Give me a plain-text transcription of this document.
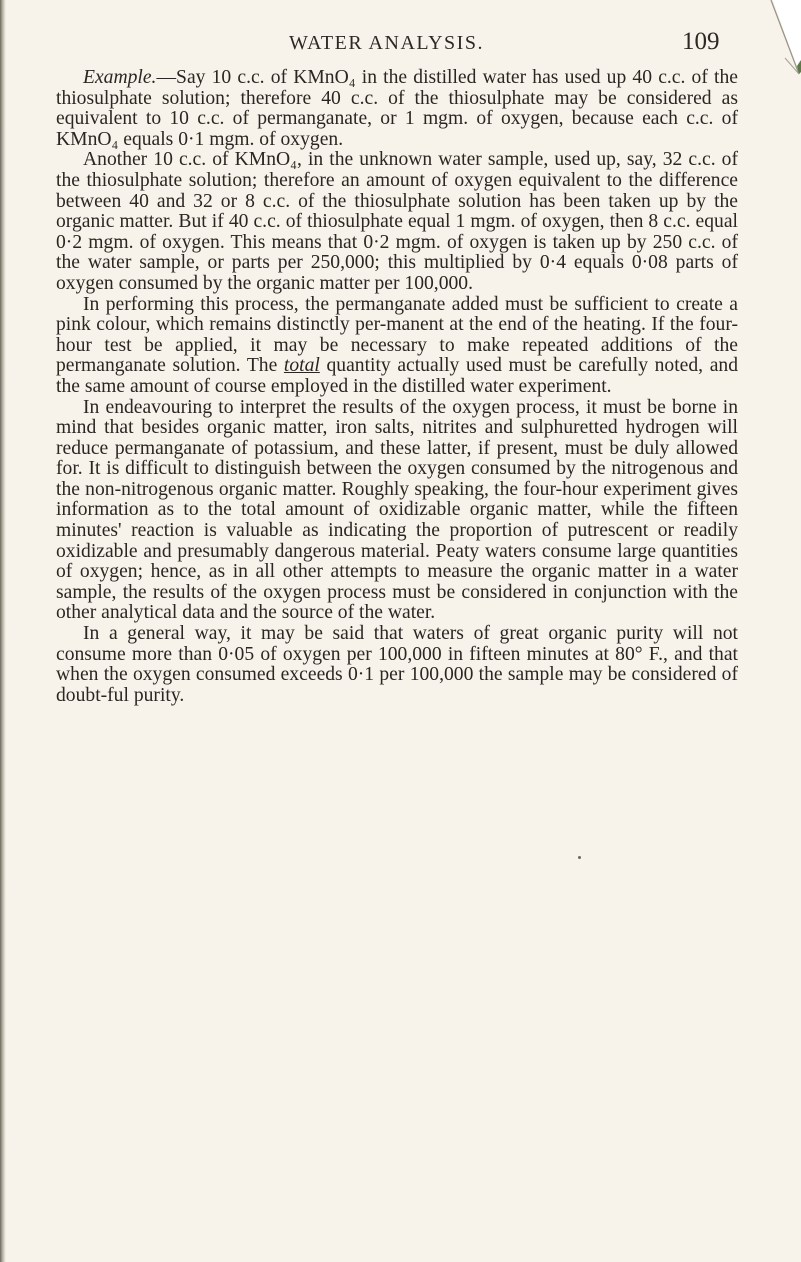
WATER ANALYSIS.	109

Example.—Say 10 c.c. of KMnO₄ in the distilled water has used up 40 c.c. of the thiosulphate solution; therefore 40 c.c. of the thiosulphate may be considered as equivalent to 10 c.c. of permanganate, or 1 mgm. of oxygen, because each c.c. of KMnO₄ equals 0·1 mgm. of oxygen.

Another 10 c.c. of KMnO₄, in the unknown water sample, used up, say, 32 c.c. of the thiosulphate solution; therefore an amount of oxygen equivalent to the difference between 40 and 32 or 8 c.c. of the thiosulphate solution has been taken up by the organic matter. But if 40 c.c. of thiosulphate equal 1 mgm. of oxygen, then 8 c.c. equal 0·2 mgm. of oxygen. This means that 0·2 mgm. of oxygen is taken up by 250 c.c. of the water sample, or parts per 250,000; this multiplied by 0·4 equals 0·08 parts of oxygen consumed by the organic matter per 100,000.

In performing this process, the permanganate added must be sufficient to create a pink colour, which remains distinctly per-manent at the end of the heating. If the four-hour test be applied, it may be necessary to make repeated additions of the permanganate solution. The total quantity actually used must be carefully noted, and the same amount of course employed in the distilled water experiment.

In endeavouring to interpret the results of the oxygen process, it must be borne in mind that besides organic matter, iron salts, nitrites and sulphuretted hydrogen will reduce permanganate of potassium, and these latter, if present, must be duly allowed for. It is difficult to distinguish between the oxygen consumed by the nitrogenous and the non-nitrogenous organic matter. Roughly speaking, the four-hour experiment gives information as to the total amount of oxidizable organic matter, while the fifteen minutes' reaction is valuable as indicating the proportion of putrescent or readily oxidizable and presumably dangerous material. Peaty waters consume large quantities of oxygen; hence, as in all other attempts to measure the organic matter in a water sample, the results of the oxygen process must be considered in conjunction with the other analytical data and the source of the water.

In a general way, it may be said that waters of great organic purity will not consume more than 0·05 of oxygen per 100,000 in fifteen minutes at 80° F., and that when the oxygen consumed exceeds 0·1 per 100,000 the sample may be considered of doubt-ful purity.
